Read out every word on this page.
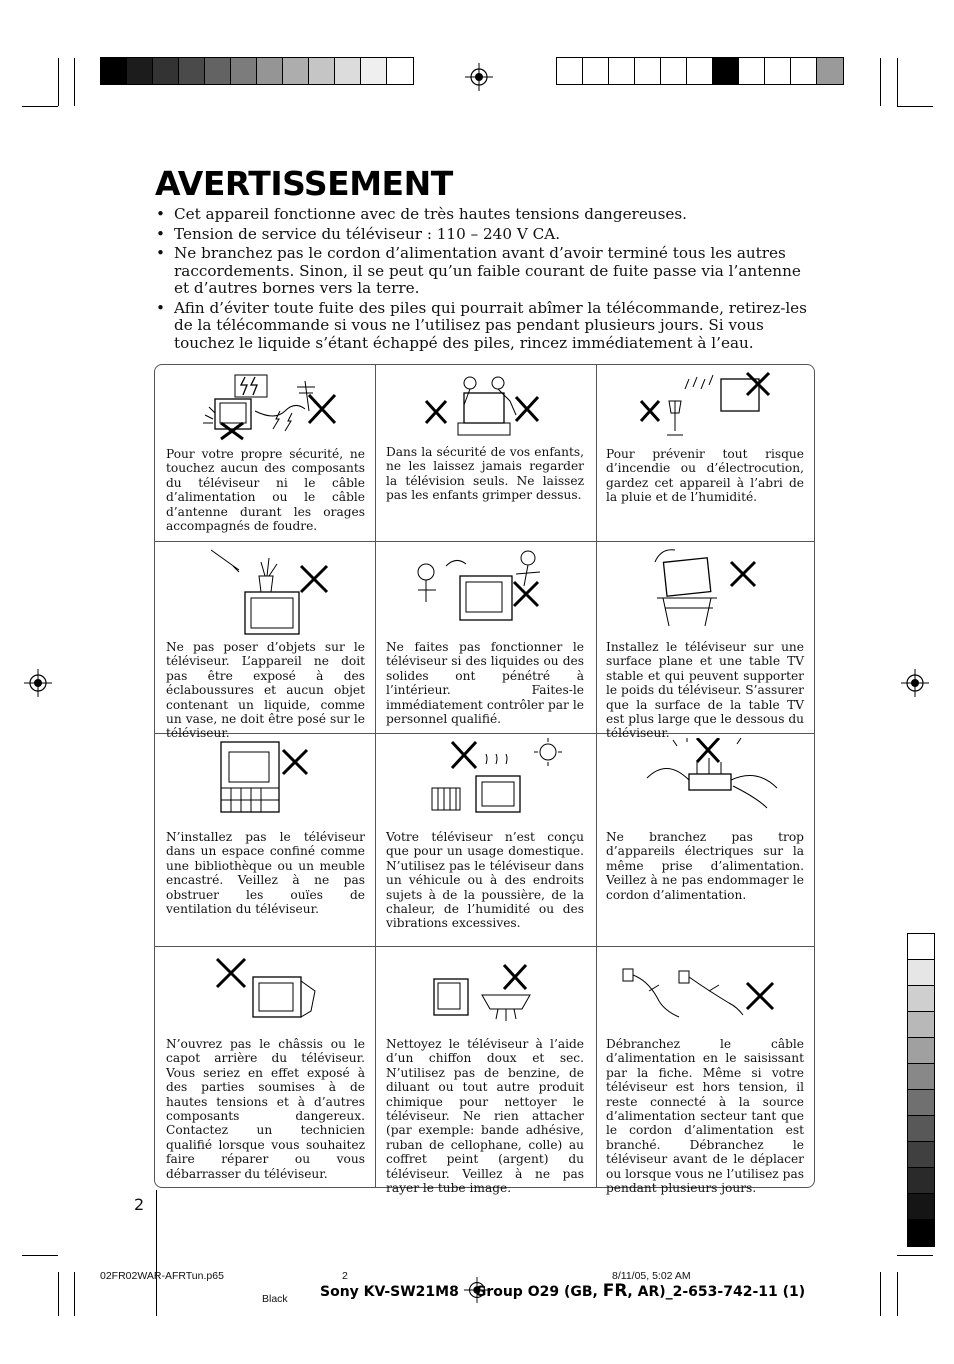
AVERTISSEMENT
• Cet appareil fonctionne avec de très hautes tensions dangereuses.
• Tension de service du téléviseur : 110 – 240 V CA.
• Ne branchez pas le cordon d’alimentation avant d’avoir terminé tous les autres raccordements. Sinon, il se peut qu’un faible courant de fuite passe via l’antenne et d’autres bornes vers la terre.
• Afin d’éviter toute fuite des piles qui pourrait abîmer la télécommande, retirez-les de la télécommande si vous ne l’utilisez pas pendant plusieurs jours. Si vous touchez le liquide s’étant échappé des piles, rincez immédiatement à l’eau.

Pour votre propre sécurité, ne touchez aucun des composants du téléviseur ni le câble d’alimentation ou le câble d’antenne durant les orages accompagnés de foudre.

Dans la sécurité de vos enfants, ne les laissez jamais regarder la télévision seuls. Ne laissez pas les enfants grimper dessus.

Pour prévenir tout risque d’incendie ou d’électrocution, gardez cet appareil à l’abri de la pluie et de l’humidité.

Ne pas poser d’objets sur le téléviseur. L’appareil ne doit pas être exposé à des éclaboussures et aucun objet contenant un liquide, comme un vase, ne doit être posé sur le téléviseur.

Ne faites pas fonctionner le téléviseur si des liquides ou des solides ont pénétré à l’intérieur. Faites-le immédiatement contrôler par le personnel qualifié.

Installez le téléviseur sur une surface plane et une table TV stable et qui peuvent supporter le poids du téléviseur. S’assurer que la surface de la table TV est plus large que le dessous du téléviseur.

N’installez pas le téléviseur dans un espace confiné comme une bibliothèque ou un meuble encastré. Veillez à ne pas obstruer les ouïes de ventilation du téléviseur.

Votre téléviseur n’est conçu que pour un usage domestique. N’utilisez pas le téléviseur dans un véhicule ou à des endroits sujets à de la poussière, de la chaleur, de l’humidité ou des vibrations excessives.

Ne branchez pas trop d’appareils électriques sur la même prise d’alimentation. Veillez à ne pas endommager le cordon d’alimentation.

N’ouvrez pas le châssis ou le capot arrière du téléviseur. Vous seriez en effet exposé à des parties soumises à de hautes tensions et à d’autres composants dangereux. Contactez un technicien qualifié lorsque vous souhaitez faire réparer ou vous débarrasser du téléviseur.

Nettoyez le téléviseur à l’aide d’un chiffon doux et sec. N’utilisez pas de benzine, de diluant ou tout autre produit chimique pour nettoyer le téléviseur. Ne rien attacher (par exemple: bande adhésive, ruban de cellophane, colle) au coffret peint (argent) du téléviseur. Veillez à ne pas rayer le tube image.

Débranchez le câble d’alimentation en le saisissant par la fiche. Même si votre téléviseur est hors tension, il reste connecté à la source d’alimentation secteur tant que le cordon d’alimentation est branché. Débranchez le téléviseur avant de le déplacer ou lorsque vous ne l’utilisez pas pendant plusieurs jours.

2
02FR02WAR-AFRTun.p65	2	8/11/05, 5:02 AM
Black Sony KV-SW21M8 Group O29 (GB, FR, AR)_2-653-742-11 (1)
